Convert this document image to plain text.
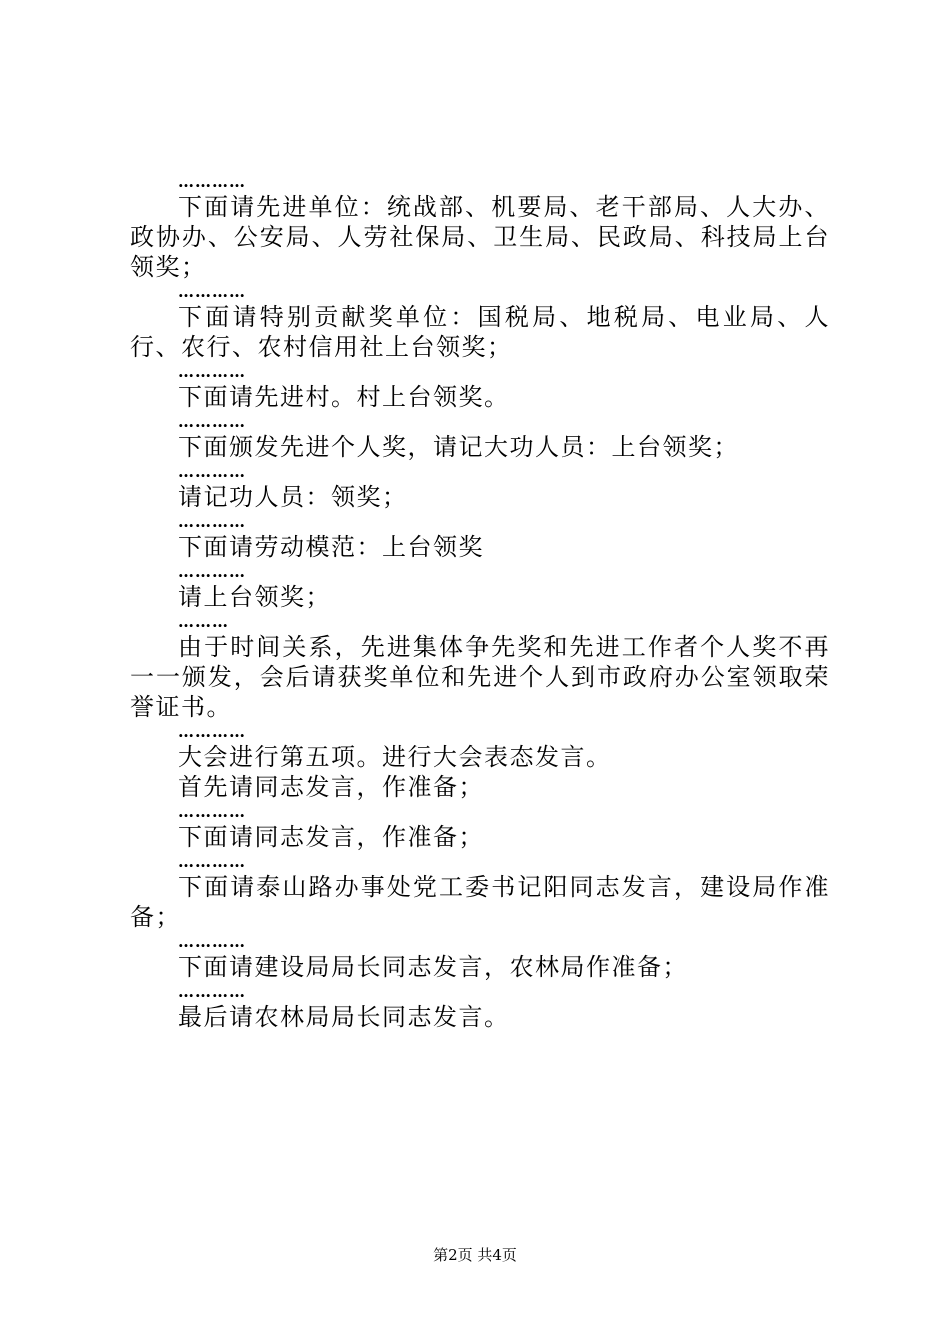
…………
下面请先进单位：统战部、机要局、老干部局、人大办、政协办、公安局、人劳社保局、卫生局、民政局、科技局上台领奖；
…………
下面请特别贡献奖单位：国税局、地税局、电业局、人行、农行、农村信用社上台领奖；
…………
下面请先进村。村上台领奖。
…………
下面颁发先进个人奖，请记大功人员：上台领奖；
…………
请记功人员：领奖；
…………
下面请劳动模范：上台领奖
…………
请上台领奖；
………
由于时间关系，先进集体争先奖和先进工作者个人奖不再一一颁发，会后请获奖单位和先进个人到市政府办公室领取荣誉证书。
…………
大会进行第五项。进行大会表态发言。
首先请同志发言，作准备；
…………
下面请同志发言，作准备；
…………
下面请泰山路办事处党工委书记阳同志发言，建设局作准备；
…………
下面请建设局局长同志发言，农林局作准备；
…………
最后请农林局局长同志发言。
第2页 共4页
